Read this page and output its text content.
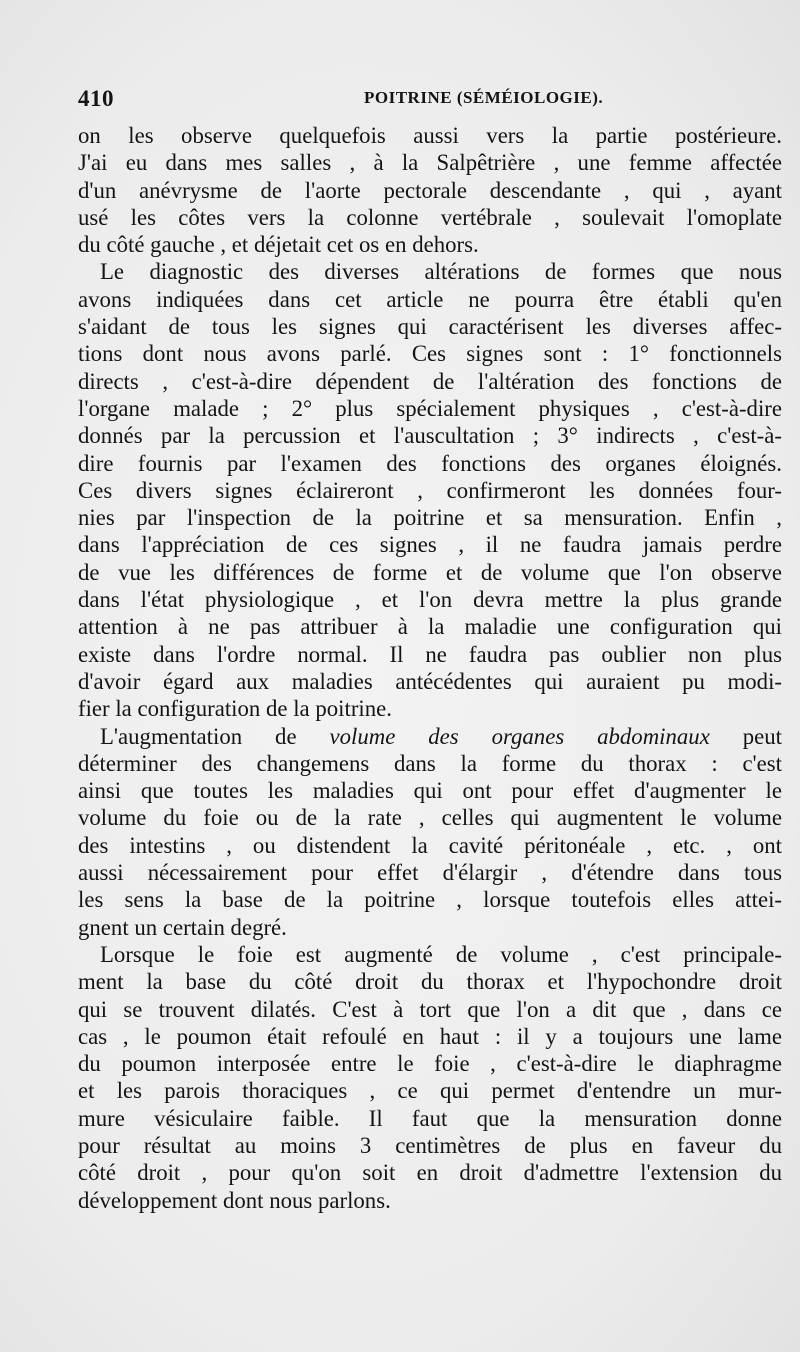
410	POITRINE (SÉMÉIOLOGIE).
on les observe quelquefois aussi vers la partie postérieure.
J'ai eu dans mes salles , à la Salpêtrière , une femme affectée
d'un anévrysme de l'aorte pectorale descendante , qui , ayant
usé les côtes vers la colonne vertébrale , soulevait l'omoplate
du côté gauche , et déjetait cet os en dehors.
Le diagnostic des diverses altérations de formes que nous
avons indiquées dans cet article ne pourra être établi qu'en
s'aidant de tous les signes qui caractérisent les diverses affec-
tions dont nous avons parlé. Ces signes sont : 1° fonctionnels
directs , c'est-à-dire dépendent de l'altération des fonctions de
l'organe malade ; 2° plus spécialement physiques , c'est-à-dire
donnés par la percussion et l'auscultation ; 3° indirects , c'est-à-
dire fournis par l'examen des fonctions des organes éloignés.
Ces divers signes éclaireront , confirmeront les données four-
nies par l'inspection de la poitrine et sa mensuration. Enfin ,
dans l'appréciation de ces signes , il ne faudra jamais perdre
de vue les différences de forme et de volume que l'on observe
dans l'état physiologique , et l'on devra mettre la plus grande
attention à ne pas attribuer à la maladie une configuration qui
existe dans l'ordre normal. Il ne faudra pas oublier non plus
d'avoir égard aux maladies antécédentes qui auraient pu modi-
fier la configuration de la poitrine.
L'augmentation de volume des organes abdominaux peut
déterminer des changemens dans la forme du thorax : c'est
ainsi que toutes les maladies qui ont pour effet d'augmenter le
volume du foie ou de la rate , celles qui augmentent le volume
des intestins , ou distendent la cavité péritonéale , etc. , ont
aussi nécessairement pour effet d'élargir , d'étendre dans tous
les sens la base de la poitrine , lorsque toutefois elles attei-
gnent un certain degré.
Lorsque le foie est augmenté de volume , c'est principale-
ment la base du côté droit du thorax et l'hypochondre droit
qui se trouvent dilatés. C'est à tort que l'on a dit que , dans ce
cas , le poumon était refoulé en haut : il y a toujours une lame
du poumon interposée entre le foie , c'est-à-dire le diaphragme
et les parois thoraciques , ce qui permet d'entendre un mur-
mure vésiculaire faible. Il faut que la mensuration donne
pour résultat au moins 3 centimètres de plus en faveur du
côté droit , pour qu'on soit en droit d'admettre l'extension du
développement dont nous parlons.
